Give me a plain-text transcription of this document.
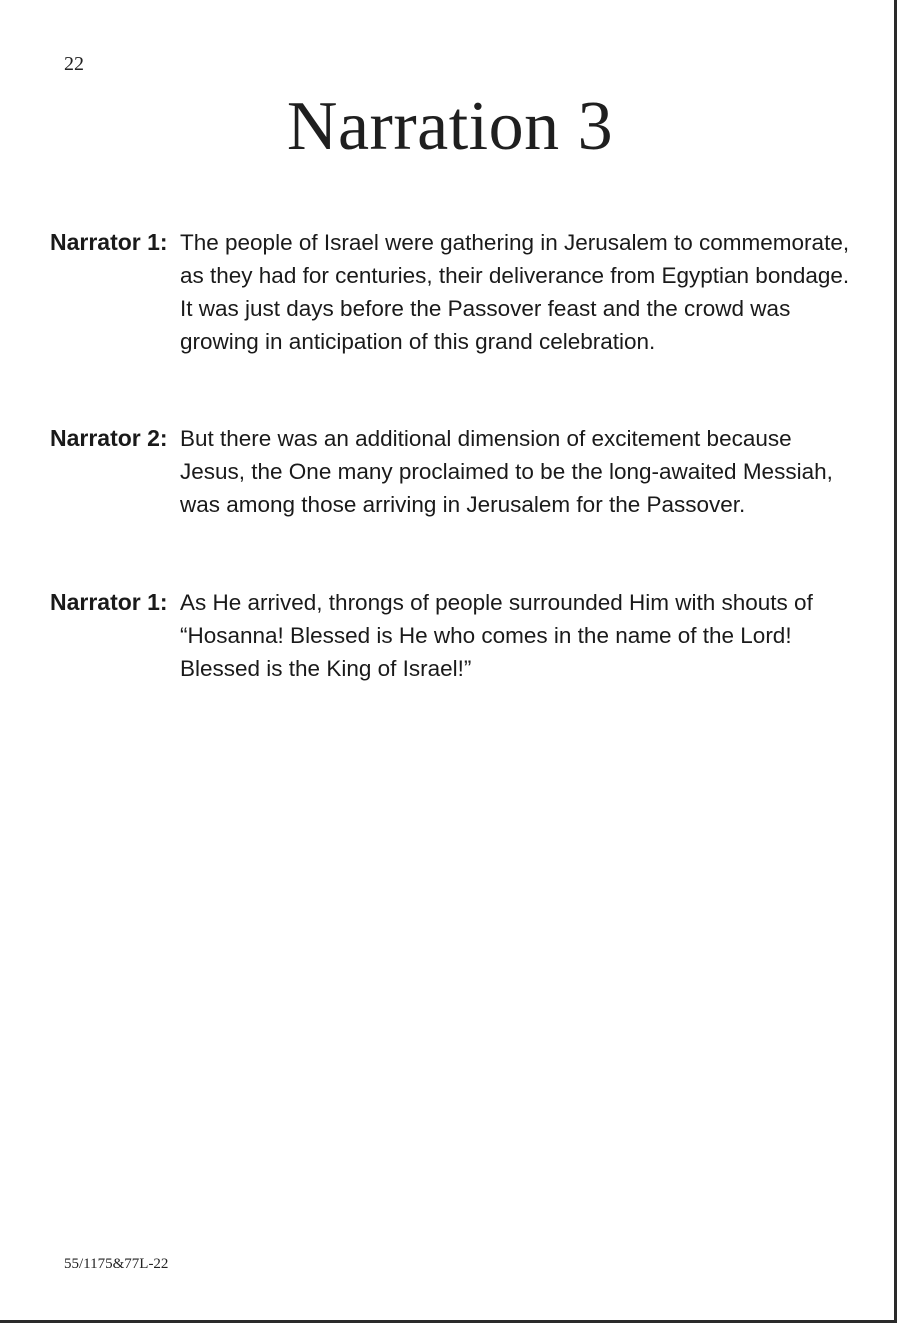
22
Narration 3
Narrator 1: The people of Israel were gathering in Jerusalem to commemorate, as they had for centuries, their deliverance from Egyptian bondage. It was just days before the Passover feast and the crowd was growing in anticipation of this grand celebration.

Narrator 2: But there was an additional dimension of excitement because Jesus, the One many proclaimed to be the long-awaited Messiah, was among those arriving in Jerusalem for the Passover.

Narrator 1: As He arrived, throngs of people surrounded Him with shouts of “Hosanna! Blessed is He who comes in the name of the Lord! Blessed is the King of Israel!”

55/1175&77L-22
